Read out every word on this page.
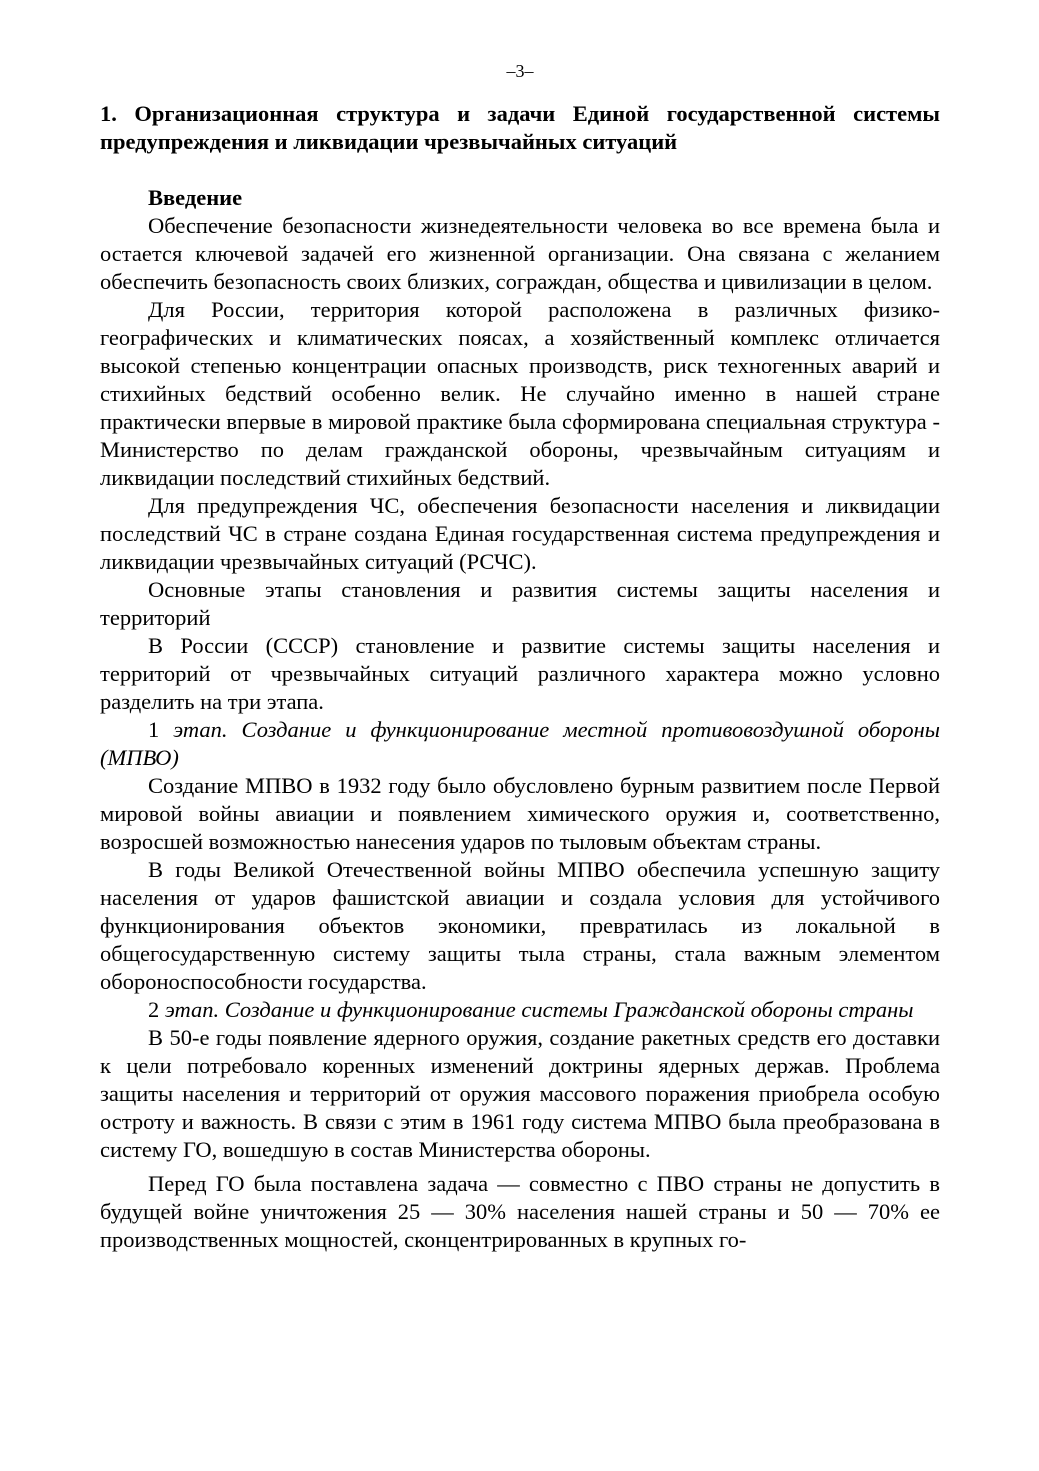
–3–

1. Организационная структура и задачи Единой государственной системы предупреждения и ликвидации чрезвычайных ситуаций

Введение

Обеспечение безопасности жизнедеятельности человека во все времена была и остается ключевой задачей его жизненной организации. Она связана с желанием обеспечить безопасность своих близких, сограждан, общества и цивилизации в целом.

Для России, территория которой расположена в различных физико-географических и климатических поясах, а хозяйственный комплекс отличается высокой степенью концентрации опасных производств, риск техногенных аварий и стихийных бедствий особенно велик. Не случайно именно в нашей стране практически впервые в мировой практике была сформирована специальная структура - Министерство по делам гражданской обороны, чрезвычайным ситуациям и ликвидации последствий стихийных бедствий.

Для предупреждения ЧС, обеспечения безопасности населения и ликвидации последствий ЧС в стране создана Единая государственная система предупреждения и ликвидации чрезвычайных ситуаций (РСЧС).

Основные этапы становления и развития системы защиты населения и территорий

В России (СССР) становление и развитие системы защиты населения и территорий от чрезвычайных ситуаций различного характера можно условно разделить на три этапа.

1 этап. Создание и функционирование местной противовоздушной обороны (МПВО)

Создание МПВО в 1932 году было обусловлено бурным развитием после Первой мировой войны авиации и появлением химического оружия и, соответственно, возросшей возможностью нанесения ударов по тыловым объектам страны.

В годы Великой Отечественной войны МПВО обеспечила успешную защиту населения от ударов фашистской авиации и создала условия для устойчивого функционирования объектов экономики, превратилась из локальной в общегосударственную систему защиты тыла страны, стала важным элементом обороноспособности государства.

2 этап. Создание и функционирование системы Гражданской обороны страны

В 50-е годы появление ядерного оружия, создание ракетных средств его доставки к цели потребовало коренных изменений доктрины ядерных держав. Проблема защиты населения и территорий от оружия массового поражения приобрела особую остроту и важность. В связи с этим в 1961 году система МПВО была преобразована в систему ГО, вошедшую в состав Министерства обороны.

Перед ГО была поставлена задача — совместно с ПВО страны не допустить в будущей войне уничтожения 25 — 30% населения нашей страны и 50 — 70% ее производственных мощностей, сконцентрированных в крупных го-
